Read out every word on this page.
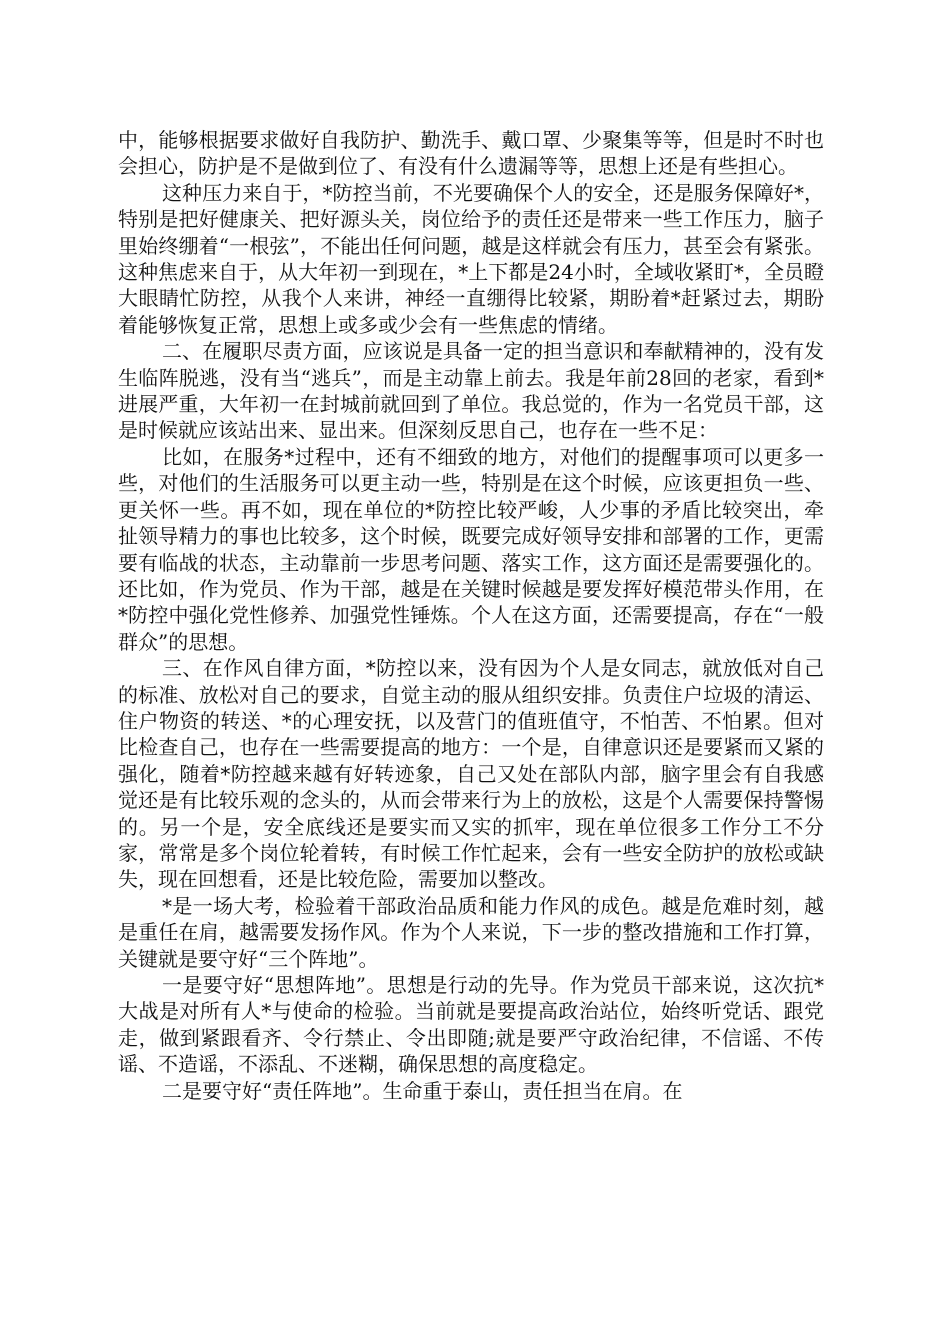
中，能够根据要求做好自我防护、勤洗手、戴口罩、少聚集等等，但是时不时也会担心，防护是不是做到位了、有没有什么遗漏等等，思想上还是有些担心。

这种压力来自于，*防控当前，不光要确保个人的安全，还是服务保障好*，特别是把好健康关、把好源头关，岗位给予的责任还是带来一些工作压力，脑子里始终绷着“一根弦”，不能出任何问题，越是这样就会有压力，甚至会有紧张。这种焦虑来自于，从大年初一到现在，*上下都是24小时，全域收紧盯*，全员瞪大眼睛忙防控，从我个人来讲，神经一直绷得比较紧，期盼着*赶紧过去，期盼着能够恢复正常，思想上或多或少会有一些焦虑的情绪。

二、在履职尽责方面，应该说是具备一定的担当意识和奉献精神的，没有发生临阵脱逃，没有当“逃兵”，而是主动靠上前去。我是年前28回的老家，看到*进展严重，大年初一在封城前就回到了单位。我总觉的，作为一名党员干部，这是时候就应该站出来、显出来。但深刻反思自己，也存在一些不足：

比如，在服务*过程中，还有不细致的地方，对他们的提醒事项可以更多一些，对他们的生活服务可以更主动一些，特别是在这个时候，应该更担负一些、更关怀一些。再不如，现在单位的*防控比较严峻，人少事的矛盾比较突出，牵扯领导精力的事也比较多，这个时候，既要完成好领导安排和部署的工作，更需要有临战的状态，主动靠前一步思考问题、落实工作，这方面还是需要强化的。还比如，作为党员、作为干部，越是在关键时候越是要发挥好模范带头作用，在*防控中强化党性修养、加强党性锤炼。个人在这方面，还需要提高，存在“一般群众”的思想。

三、在作风自律方面，*防控以来，没有因为个人是女同志，就放低对自己的标准、放松对自己的要求，自觉主动的服从组织安排。负责住户垃圾的清运、住户物资的转送、*的心理安抚，以及营门的值班值守，不怕苦、不怕累。但对比检查自己，也存在一些需要提高的地方：一个是，自律意识还是要紧而又紧的强化，随着*防控越来越有好转迹象，自己又处在部队内部，脑字里会有自我感觉还是有比较乐观的念头的，从而会带来行为上的放松，这是个人需要保持警惕的。另一个是，安全底线还是要实而又实的抓牢，现在单位很多工作分工不分家，常常是多个岗位轮着转，有时候工作忙起来，会有一些安全防护的放松或缺失，现在回想看，还是比较危险，需要加以整改。

*是一场大考，检验着干部政治品质和能力作风的成色。越是危难时刻，越是重任在肩，越需要发扬作风。作为个人来说，下一步的整改措施和工作打算，关键就是要守好“三个阵地”。

一是要守好“思想阵地”。思想是行动的先导。作为党员干部来说，这次抗*大战是对所有人*与使命的检验。当前就是要提高政治站位，始终听党话、跟党走，做到紧跟看齐、令行禁止、令出即随;就是要严守政治纪律，不信谣、不传谣、不造谣，不添乱、不迷糊，确保思想的高度稳定。

二是要守好“责任阵地”。生命重于泰山，责任担当在肩。在
